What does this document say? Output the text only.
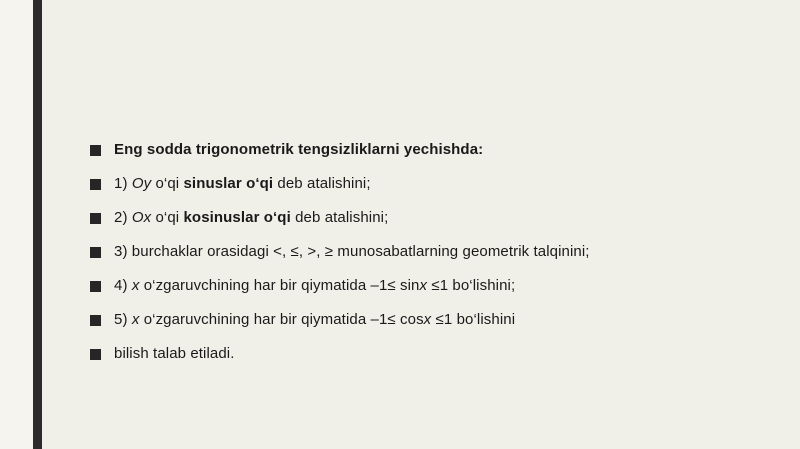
Eng sodda trigonometrik tengsizliklarni yechishda:
1) Oy o‘qi sinuslar o‘qi deb atalishini;
2) Ox o‘qi kosinuslar o‘qi deb atalishini;
3) burchaklar orasidagi <, ≤, >, ≥ munosabatlarning geometrik talqinini;
4) x o‘zgaruvchining har bir qiymatida –1≤ sinx ≤1 bo‘lishini;
5) x o‘zgaruvchining har bir qiymatida –1≤ cosx ≤1 bo‘lishini
bilish talab etiladi.
